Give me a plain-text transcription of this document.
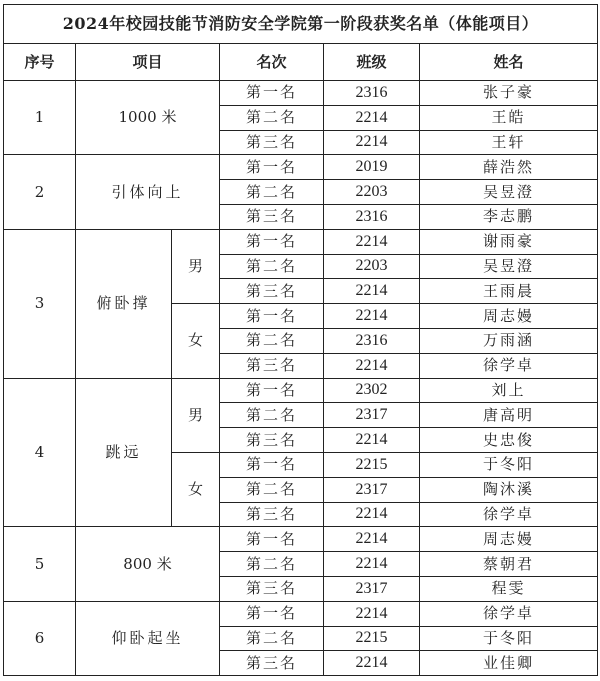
2024年校园技能节消防安全学院第一阶段获奖名单（体能项目）					
序号	项目		名次	班级	姓名
1	1000 米		第一名	2316	张子豪
			第二名	2214	王皓
			第三名	2214	王轩
2	引体向上		第一名	2019	薛浩然
			第二名	2203	吴昱澄
			第三名	2316	李志鹏
3	俯卧撑	男	第一名	2214	谢雨豪
			第二名	2203	吴昱澄
			第三名	2214	王雨晨
		女	第一名	2214	周志嫚
			第二名	2316	万雨涵
			第三名	2214	徐学卓
4	跳远	男	第一名	2302	刘上
			第二名	2317	唐高明
			第三名	2214	史忠俊
		女	第一名	2215	于冬阳
			第二名	2317	陶沐溪
			第三名	2214	徐学卓
5	800 米		第一名	2214	周志嫚
			第二名	2214	蔡朝君
			第三名	2317	程雯
6	仰卧起坐		第一名	2214	徐学卓
			第二名	2215	于冬阳
			第三名	2214	业佳卿
